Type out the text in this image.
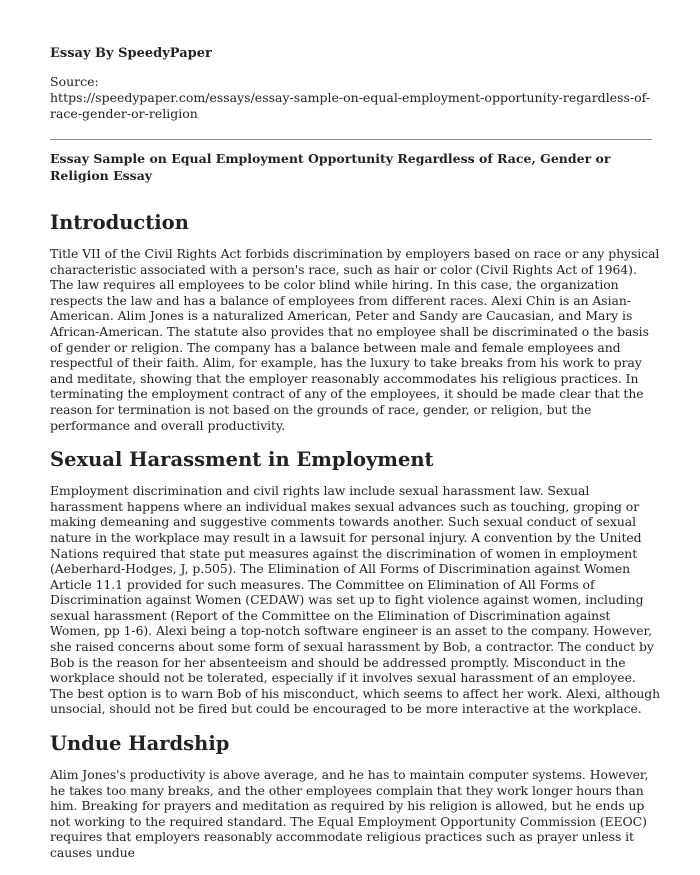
Essay By SpeedyPaper

Source:
https://speedypaper.com/essays/essay-sample-on-equal-employment-opportunity-regardless-of-race-gender-or-religion

Essay Sample on Equal Employment Opportunity Regardless of Race, Gender or Religion Essay

Introduction

Title VII of the Civil Rights Act forbids discrimination by employers based on race or any physical characteristic associated with a person's race, such as hair or color (Civil Rights Act of 1964). The law requires all employees to be color blind while hiring. In this case, the organization respects the law and has a balance of employees from different races. Alexi Chin is an Asian-American. Alim Jones is a naturalized American, Peter and Sandy are Caucasian, and Mary is African-American. The statute also provides that no employee shall be discriminated o the basis of gender or religion. The company has a balance between male and female employees and respectful of their faith. Alim, for example, has the luxury to take breaks from his work to pray and meditate, showing that the employer reasonably accommodates his religious practices. In terminating the employment contract of any of the employees, it should be made clear that the reason for termination is not based on the grounds of race, gender, or religion, but the performance and overall productivity.

Sexual Harassment in Employment

Employment discrimination and civil rights law include sexual harassment law. Sexual harassment happens where an individual makes sexual advances such as touching, groping or making demeaning and suggestive comments towards another. Such sexual conduct of sexual nature in the workplace may result in a lawsuit for personal injury. A convention by the United Nations required that state put measures against the discrimination of women in employment (Aeberhard-Hodges, J, p.505). The Elimination of All Forms of Discrimination against Women Article 11.1 provided for such measures. The Committee on Elimination of All Forms of Discrimination against Women (CEDAW) was set up to fight violence against women, including sexual harassment (Report of the Committee on the Elimination of Discrimination against Women, pp 1-6). Alexi being a top-notch software engineer is an asset to the company. However, she raised concerns about some form of sexual harassment by Bob, a contractor. The conduct by Bob is the reason for her absenteeism and should be addressed promptly. Misconduct in the workplace should not be tolerated, especially if it involves sexual harassment of an employee. The best option is to warn Bob of his misconduct, which seems to affect her work. Alexi, although unsocial, should not be fired but could be encouraged to be more interactive at the workplace.

Undue Hardship

Alim Jones's productivity is above average, and he has to maintain computer systems. However, he takes too many breaks, and the other employees complain that they work longer hours than him. Breaking for prayers and meditation as required by his religion is allowed, but he ends up not working to the required standard. The Equal Employment Opportunity Commission (EEOC) requires that employers reasonably accommodate religious practices such as prayer unless it causes undue
